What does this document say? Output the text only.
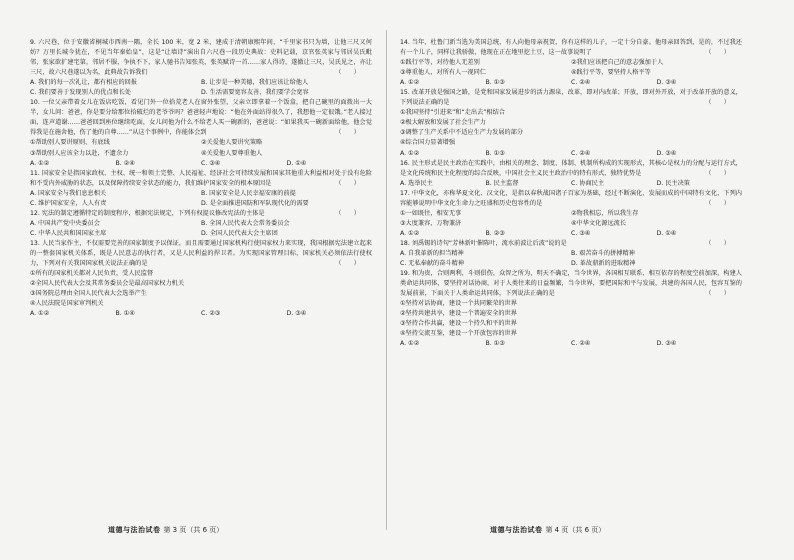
9. 六尺巷，位于安徽省桐城市西南一隅，全长 100 米，宽 2 米，建成于清朝康熙年间，“千里家书只为墙，让他三尺又何妨？万里长城今犹在，不见当年秦始皇”，这是“让墙诗”演出自六尺巷一段历史典故：史料记载，京官张英家与邻居吴氏毗邻，张家欲扩建宅第，邻居不服，争执不下，家人驰书告知张英，张英赋诗一首……家人得诗，遂撤让三尺，吴氏见之，亦让三尺，故六尺巷遂以为名，此典故告诉我们	（　　）
A. 我们的每一次礼让，都有相应的回报	B. 让步是一种美德，我们应该让给他人
C. 我们要善于发现别人的优点和长处	D. 生活需要宽容友善，我们要学会宽容
10. 一位父亲带着女儿在饭店吃饭，看见门外一位拾荒老人在窗外张望，父亲立即拿着一个饭盒，把自己碗里的面拨出一大半，女儿问：爸爸，你是要分给那位拾破烂的老爷爷吗？爸爸轻声地说：“他在外面站得很久了，我想他一定很饿。”老人接过面，连声道谢……爸爸回到座位继续吃面，女儿问他为什么不给老人买一碗新的，爸爸说：“如果我买一碗新面给他，他会觉得我是在施舍他，伤了他的自尊……”从这个事例中，你能体会到	（　　）
①帮助别人要讲原则、有底线	②关爱他人要讲究策略
③帮助别人应该全力以赴，不遗余力	④关爱他人要尊重他人
A. ①②	B. ②④	C. ③④	D. ①④
11. 国家安全是指国家政权、主权、统一和领土完整、人民福祉、经济社会可持续发展和国家其他重大利益相对处于没有危险和不受内外威胁的状态，以及保障持续安全状态的能力，我们维护国家安全的根本原因是	（　　）
A. 国家安全与我们息息相关	B. 国家安全是人民幸福安康的前提
C. 维护国家安全，人人有责	D. 是全面推进国防和军队现代化的需要
12. 宪法的制定遵循特定的制度程序，根据宪法规定，下列有权提议修改宪法的主体是	（　　）
A. 中国共产党中央委员会	B. 全国人民代表大会常务委员会
C. 中华人民共和国国家主席	D. 全国人民代表大会主席团
13. 人民当家作主，不仅需要完善的国家制度予以保证，而且需要通过国家机构行使国家权力来实现，我国根据宪法建立起来的一整套国家机关体系，既是人民意志的执行者，又是人民利益的捍卫者。为实现国家管理目标，国家机关必须依法行使权力，下列对有关我国国家机关说法正确的是	（　　）
①所有的国家机关都对人民负责，受人民监督
②全国人民代表大会及其常务委员会是最高国家权力机关
③国务院总理由全国人民代表大会选举产生
④人民法院是国家审判机关
A. ①②	B. ①④	C. ②③	D. ③④
14. 当年，杜鲁门新当选为美国总统，有人向他母亲祝贺，你有这样的儿子，一定十分自豪。他母亲回答到，是的，不过我还有一个儿子，同样让我骄傲，他现在正在地里挖土豆，这一故事说明了	（　　）
①践行平等，对待他人无差别	②我们应该把自己的意志强加于人
③尊重他人，对所有人一视同仁	④践行平等，要坚持人格平等
A. ①②	B. ①③	C. ②④	D. ③④
15. 改革开放是强国之路，是党和国家发展进步的活力源泉，改革，即对内改革；开放，即对外开放，对于改革开放的意义，下列说法正确的是	（　　）
①我国坚持“引进来”和“走出去”相结合
②极大解放和发展了社会生产力
③调整了生产关系中不适应生产力发展的部分
④综合国力显著增强
A. ①②	B. ①③	C. ②④	D. ③④
16. 民主形式是民主政治在实践中，由相关的理念、制度、体制、机制所构成的实现形式，其核心是权力的分配与运行方式，是文化传统和民主化程度的综合反映，中国社会主义民主政治中的特有形式，独特优势是	（　　）
A. 选举民主	B. 民主监督	C. 协商民主	D. 民主决策
17. 中华文化，亦称华夏文化、汉文化，是指以春秋战国诸子百家为基础，经过不断演化、发展而成的中国特有文化，下列内容能够说明中华文化生命力之旺盛和历史包容性的是	（　　）
①一如既往，相安无事	②物我相忘，所以我生存
③大度兼容，万物兼济	④中华文化源远流长
A. ①②	B. ②③	C. ③④	D. ①④
18. 刘禹锡的诗句“芳林新叶催陈叶，流水前波让后波”说的是	（　　）
A. 自我革新的担当精神	B. 艰苦奋斗的拼搏精神
C. 无私奉献的奋斗精神	D. 革故鼎新的进取精神
19. 和为贵，合则两利，斗则俱伤，众智之所为，明天不确定，当今世界，各国相互联系、相互依存的程度空前加深，构建人类命运共同体，要坚持对话协商，对于人类往来的日益频繁，当今世界，要把国际和平与发展，共建的各国人民，包容互鉴的发展前景，下面关于人类命运共同体，下列说法正确的是	（　　）
①坚持对话协商，建设一个共同繁荣的世界
②坚持共建共享，建设一个普遍安全的世界
③坚持合作共赢，建设一个持久和平的世界
④坚持交流互鉴，建设一个开放包容的世界
A. ①②	B. ①③	C. ②④	D. ③④
道德与法治试卷 第 3 页（共 6 页）	道德与法治试卷 第 4 页（共 6 页）
